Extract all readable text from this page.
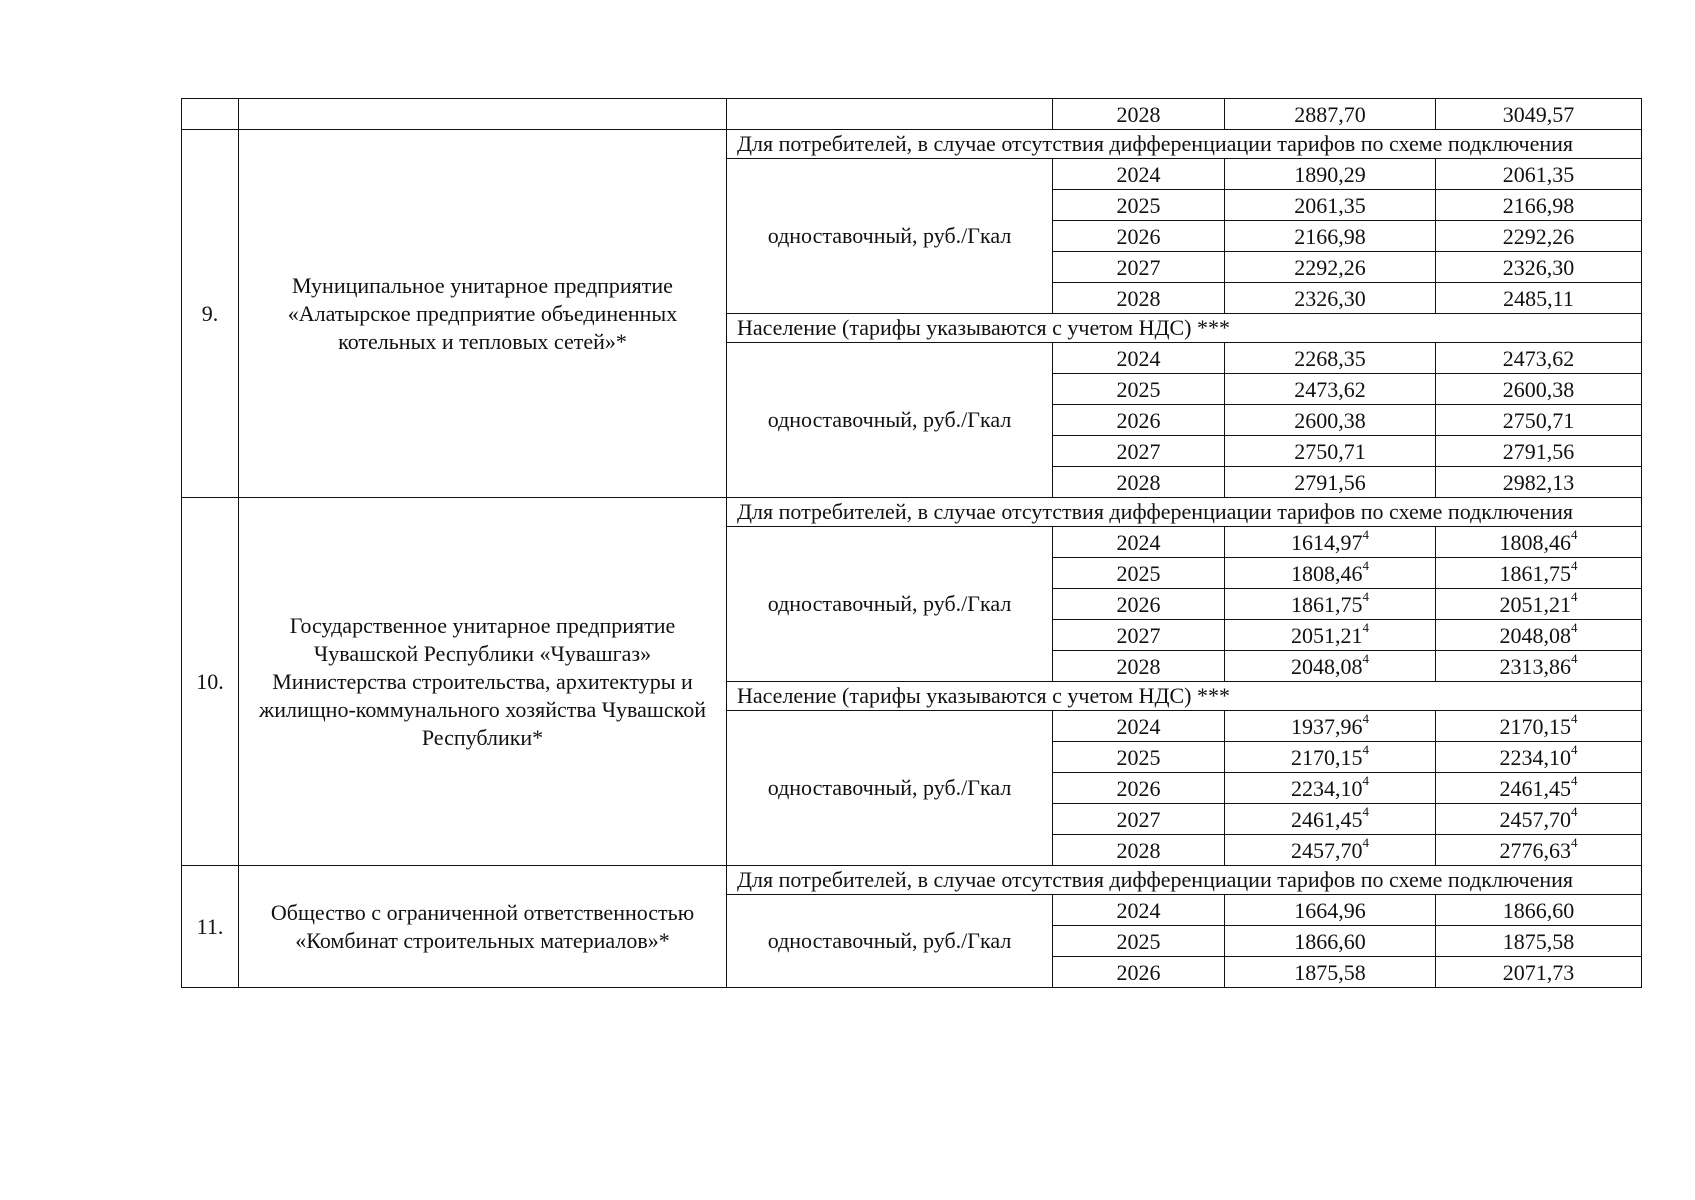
			2028	2887,70	3049,57
9.	Муниципальное унитарное предприятие «Алатырское предприятие объединенных котельных и тепловых сетей»*	Для потребителей, в случае отсутствия дифференциации тарифов по схеме подключения			
		одноставочный, руб./Гкал	2024	1890,29	2061,35
			2025	2061,35	2166,98
			2026	2166,98	2292,26
			2027	2292,26	2326,30
			2028	2326,30	2485,11
		Население (тарифы указываются с учетом НДС) ***			
		одноставочный, руб./Гкал	2024	2268,35	2473,62
			2025	2473,62	2600,38
			2026	2600,38	2750,71
			2027	2750,71	2791,56
			2028	2791,56	2982,13
10.	Государственное унитарное предприятие Чувашской Республики «Чувашгаз» Министерства строительства, архитектуры и жилищно-коммунального хозяйства Чувашской Республики*	Для потребителей, в случае отсутствия дифференциации тарифов по схеме подключения			
		одноставочный, руб./Гкал	2024	1614,97$^4$	1808,46$^4$
			2025	1808,46$^4$	1861,75$^4$
			2026	1861,75$^4$	2051,21$^4$
			2027	2051,21$^4$	2048,08$^4$
			2028	2048,08$^4$	2313,86$^4$
		Население (тарифы указываются с учетом НДС) ***			
		одноставочный, руб./Гкал	2024	1937,96$^4$	2170,15$^4$
			2025	2170,15$^4$	2234,10$^4$
			2026	2234,10$^4$	2461,45$^4$
			2027	2461,45$^4$	2457,70$^4$
			2028	2457,70$^4$	2776,63$^4$
11.	Общество с ограниченной ответственностью «Комбинат строительных материалов»*	Для потребителей, в случае отсутствия дифференциации тарифов по схеме подключения			
		одноставочный, руб./Гкал	2024	1664,96	1866,60
			2025	1866,60	1875,58
			2026	1875,58	2071,73
